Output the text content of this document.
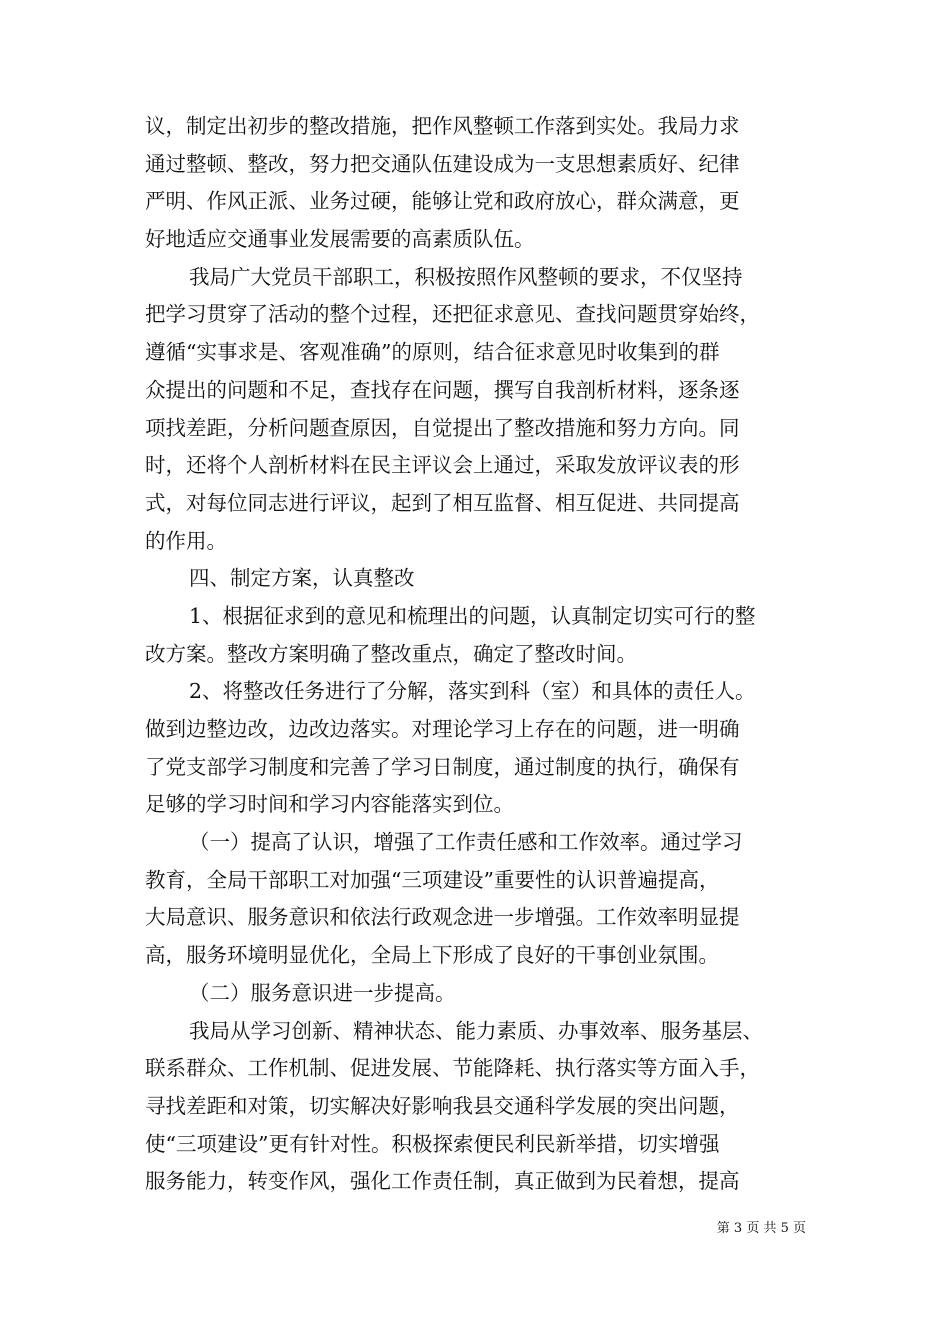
议，制定出初步的整改措施，把作风整顿工作落到实处。我局力求
通过整顿、整改，努力把交通队伍建设成为一支思想素质好、纪律
严明、作风正派、业务过硬，能够让党和政府放心，群众满意，更
好地适应交通事业发展需要的高素质队伍。
我局广大党员干部职工，积极按照作风整顿的要求，不仅坚持
把学习贯穿了活动的整个过程，还把征求意见、查找问题贯穿始终，
遵循“实事求是、客观准确”的原则，结合征求意见时收集到的群
众提出的问题和不足，查找存在问题，撰写自我剖析材料，逐条逐
项找差距，分析问题查原因，自觉提出了整改措施和努力方向。同
时，还将个人剖析材料在民主评议会上通过，采取发放评议表的形
式，对每位同志进行评议，起到了相互监督、相互促进、共同提高
的作用。
四、制定方案，认真整改
1、根据征求到的意见和梳理出的问题，认真制定切实可行的整
改方案。整改方案明确了整改重点，确定了整改时间。
2、将整改任务进行了分解，落实到科（室）和具体的责任人。
做到边整边改，边改边落实。对理论学习上存在的问题，进一明确
了党支部学习制度和完善了学习日制度，通过制度的执行，确保有
足够的学习时间和学习内容能落实到位。
（一）提高了认识，增强了工作责任感和工作效率。通过学习
教育，全局干部职工对加强“三项建设”重要性的认识普遍提高，
大局意识、服务意识和依法行政观念进一步增强。工作效率明显提
高，服务环境明显优化，全局上下形成了良好的干事创业氛围。
（二）服务意识进一步提高。
我局从学习创新、精神状态、能力素质、办事效率、服务基层、
联系群众、工作机制、促进发展、节能降耗、执行落实等方面入手，
寻找差距和对策，切实解决好影响我县交通科学发展的突出问题，
使“三项建设”更有针对性。积极探索便民利民新举措，切实增强
服务能力，转变作风，强化工作责任制，真正做到为民着想，提高
第 3 页 共 5 页
